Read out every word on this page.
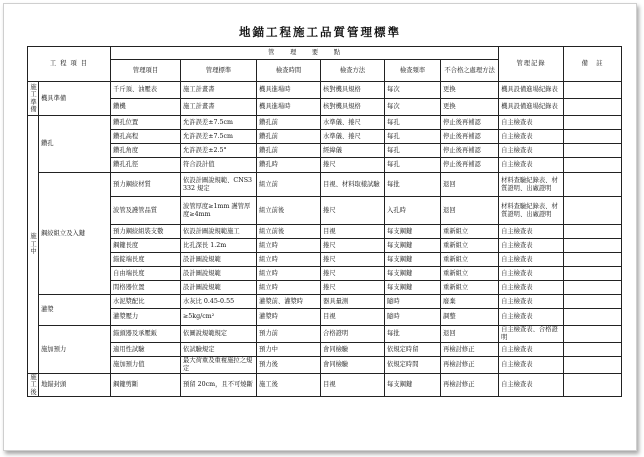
地錨工程施工品質管理標準
工 程 項 目		管　　理　　要　　點						管理記錄	備　註
		管理項目	管理標準	檢查時間	檢查方法	檢查頻率	不合格之處理方法		

施工準備	機具準備	千斤頂、油壓表	施工計畫書	機具進場時	核對機具規格	每次	更換	機具設備進場紀錄表	
		鑽機	施工計畫書	機具進場時	核對機具規格	每次	更換	機具設備進場紀錄表	

施工中	鑽孔	鑽孔位置	允許誤差±7.5cm	鑽孔前	水準儀、捲尺	每孔	停止後再補認	自主檢查表	
		鑽孔高程	允許誤差±7.5cm	鑽孔前	水準儀、捲尺	每孔	停止後再補認	自主檢查表	
		鑽孔角度	允許誤差±2.5°	鑽孔前	經緯儀	每孔	停止後再補認	自主檢查表	
		鑽孔孔徑	符合設計值	鑽孔時	捲尺	每孔	停止後再補認	自主檢查表	
	鋼絞組立及入鍵	預力鋼絞材質	依設計圖說規範、CNS3332 規定	組立前	目視、材料取樣試驗	每批	退回	材料查驗紀錄表、材質證明、出廠證明	
		波管及護管品質	波管厚度≥1mm 護管厚度≥4mm	組立前後	捲尺	入孔時	退回	材料查驗紀錄表、材質證明、出廠證明	
		預力鋼絞組裝支數	依設計圖說規範施工	組立前後	目視	每支鋼鍵	重新組立	自主檢查表	
		鋼鍵長度	比孔深長 1.2m	組立時	捲尺	每支鋼鍵	重新組立	自主檢查表	
		錨錠端長度	設計圖說規範	組立時	捲尺	每支鋼鍵	重新組立	自主檢查表	
		自由端長度	設計圖說規範	組立時	捲尺	每支鋼鍵	重新組立	自主檢查表	
		間格器位置	設計圖說規範	組立時	捲尺	每支鋼鍵	重新組立	自主檢查表	
	灌漿	水泥漿配比	水灰比 0.45-0.55	灌漿前、灌漿時	器具量測	隨時	廢棄	自主檢查表	
		灌漿壓力	≥5kg/cm²	灌漿時	目視	隨時	調整	自主檢查表	
	施加預力	錨頭器及承壓鈑	依圖說規範規定	預力前	合格證明	每批	退回	自主檢查表、合格證明	
		適用性試驗	依試驗規定	預力中	會同檢驗	依規定時留	再檢討修正	自主檢查表	
		施加預力值	最大荷重及重複施拉之規定	預力後	會同檢驗	依規定時間	再檢討修正	自主檢查表	

施工後	地錨封頭	鋼鍵剪斷	預留 20cm，且不可燒斷	施工後	目視	每支鋼鍵	再檢討修正	自主檢查表	
